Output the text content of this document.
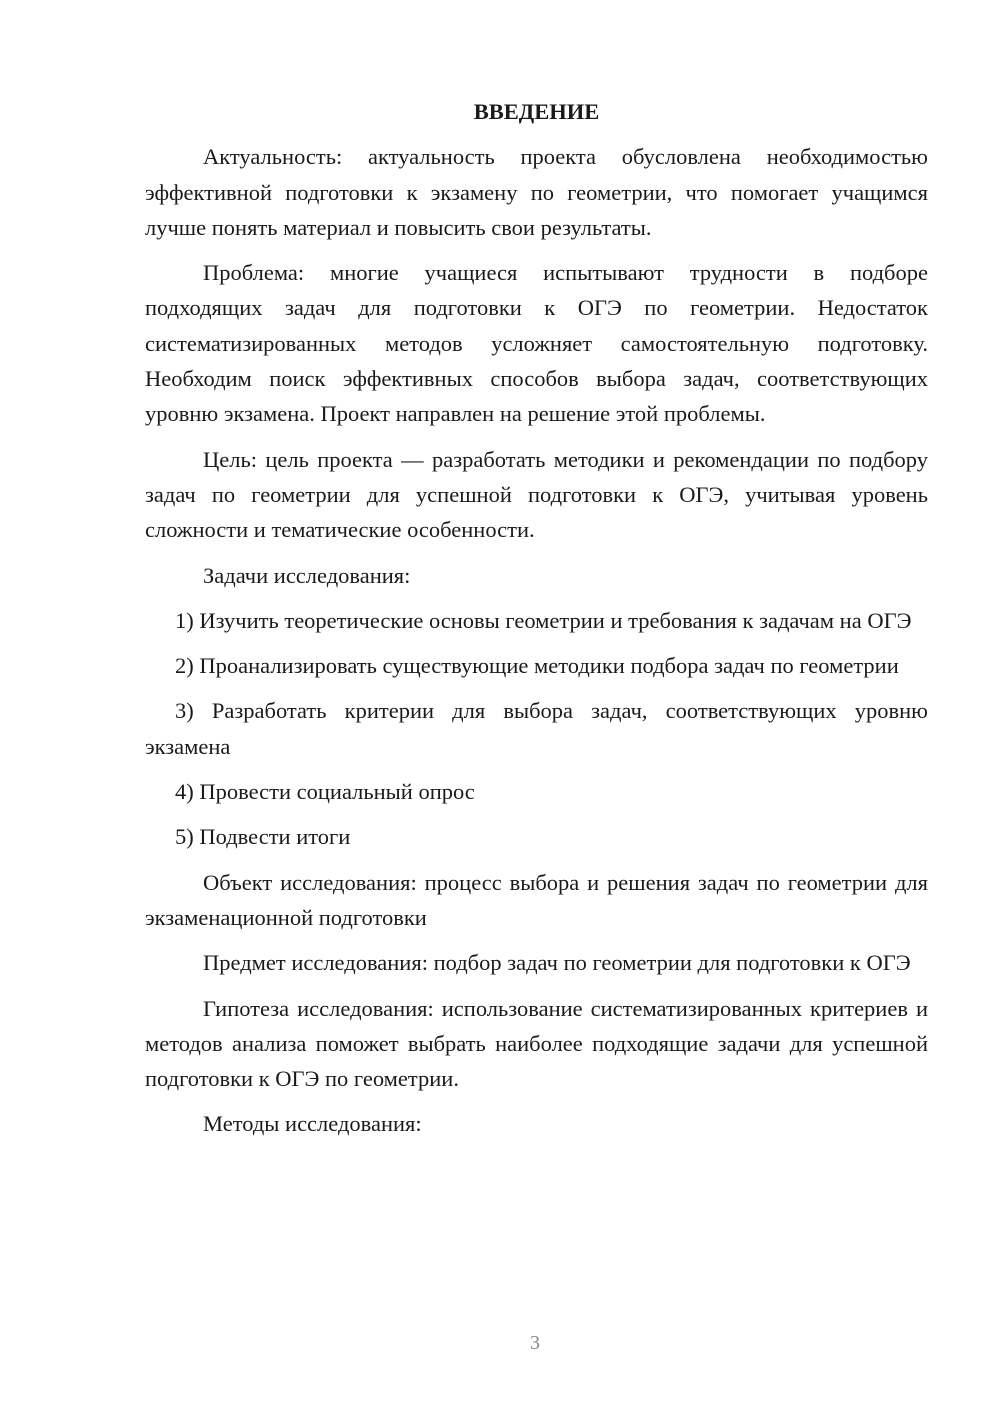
ВВЕДЕНИЕ

Актуальность: актуальность проекта обусловлена необходимостью эффективной подготовки к экзамену по геометрии, что помогает учащимся лучше понять материал и повысить свои результаты.

Проблема: многие учащиеся испытывают трудности в подборе подходящих задач для подготовки к ОГЭ по геометрии. Недостаток систематизированных методов усложняет самостоятельную подготовку. Необходим поиск эффективных способов выбора задач, соответствующих уровню экзамена. Проект направлен на решение этой проблемы.

Цель: цель проекта — разработать методики и рекомендации по подбору задач по геометрии для успешной подготовки к ОГЭ, учитывая уровень сложности и тематические особенности.

Задачи исследования:

1) Изучить теоретические основы геометрии и требования к задачам на ОГЭ

2) Проанализировать существующие методики подбора задач по геометрии

3) Разработать критерии для выбора задач, соответствующих уровню экзамена

4) Провести социальный опрос

5) Подвести итоги

Объект исследования: процесс выбора и решения задач по геометрии для экзаменационной подготовки

Предмет исследования: подбор задач по геометрии для подготовки к ОГЭ

Гипотеза исследования: использование систематизированных критериев и методов анализа поможет выбрать наиболее подходящие задачи для успешной подготовки к ОГЭ по геометрии.

Методы исследования:

3
